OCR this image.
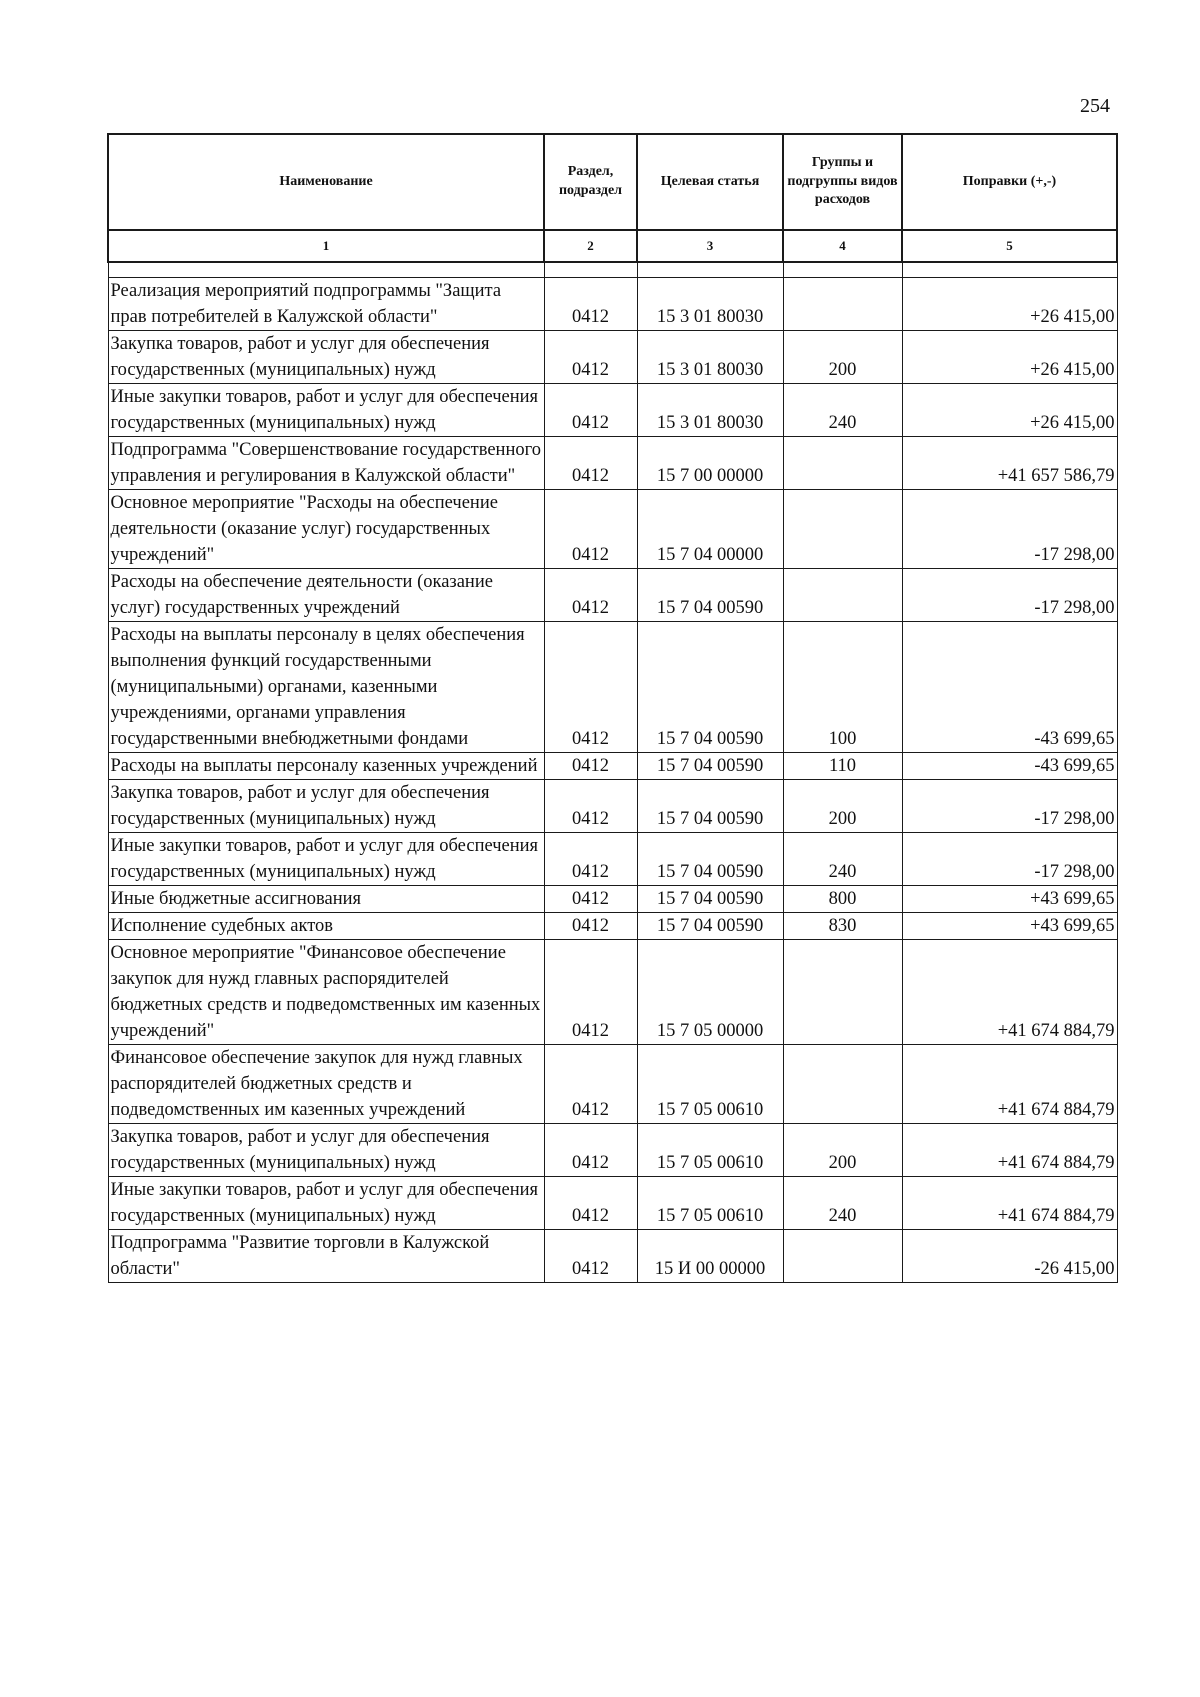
254
Наименование	Раздел, подраздел	Целевая статья	Группы и подгруппы видов расходов	Поправки (+,-)
1	2	3	4	5

Реализация мероприятий подпрограммы "Защита прав потребителей в Калужской области"	0412	15 3 01 80030		+26 415,00
Закупка товаров, работ и услуг для обеспечения государственных (муниципальных) нужд	0412	15 3 01 80030	200	+26 415,00
Иные закупки товаров, работ и услуг для обеспечения государственных (муниципальных) нужд	0412	15 3 01 80030	240	+26 415,00
Подпрограмма "Совершенствование государственного управления и регулирования в Калужской области"	0412	15 7 00 00000		+41 657 586,79
Основное мероприятие "Расходы на обеспечение деятельности (оказание услуг) государственных учреждений"	0412	15 7 04 00000		-17 298,00
Расходы на обеспечение деятельности (оказание услуг) государственных учреждений	0412	15 7 04 00590		-17 298,00
Расходы на выплаты персоналу в целях обеспечения выполнения функций государственными (муниципальными) органами, казенными учреждениями, органами управления государственными внебюджетными фондами	0412	15 7 04 00590	100	-43 699,65
Расходы на выплаты персоналу казенных учреждений	0412	15 7 04 00590	110	-43 699,65
Закупка товаров, работ и услуг для обеспечения государственных (муниципальных) нужд	0412	15 7 04 00590	200	-17 298,00
Иные закупки товаров, работ и услуг для обеспечения государственных (муниципальных) нужд	0412	15 7 04 00590	240	-17 298,00
Иные бюджетные ассигнования	0412	15 7 04 00590	800	+43 699,65
Исполнение судебных актов	0412	15 7 04 00590	830	+43 699,65
Основное мероприятие "Финансовое обеспечение закупок для нужд главных распорядителей бюджетных средств и подведомственных им казенных учреждений"	0412	15 7 05 00000		+41 674 884,79
Финансовое обеспечение закупок для нужд главных распорядителей бюджетных средств и подведомственных им казенных учреждений	0412	15 7 05 00610		+41 674 884,79
Закупка товаров, работ и услуг для обеспечения государственных (муниципальных) нужд	0412	15 7 05 00610	200	+41 674 884,79
Иные закупки товаров, работ и услуг для обеспечения государственных (муниципальных) нужд	0412	15 7 05 00610	240	+41 674 884,79
Подпрограмма "Развитие торговли в Калужской области"	0412	15 И 00 00000		-26 415,00
